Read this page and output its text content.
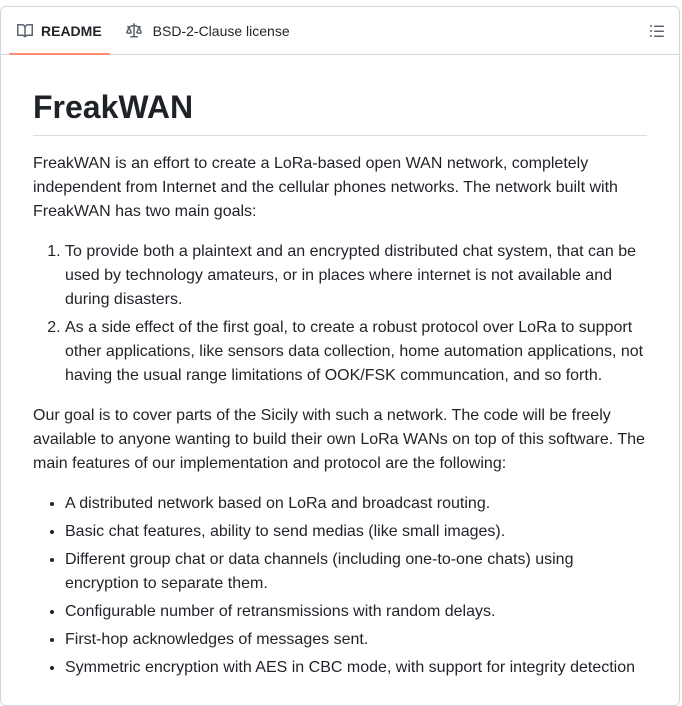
README	BSD-2-Clause license
FreakWAN

FreakWAN is an effort to create a LoRa-based open WAN network, completely independent from Internet and the cellular phones networks. The network built with FreakWAN has two main goals:

1. To provide both a plaintext and an encrypted distributed chat system, that can be used by technology amateurs, or in places where internet is not available and during disasters.
2. As a side effect of the first goal, to create a robust protocol over LoRa to support other applications, like sensors data collection, home automation applications, not having the usual range limitations of OOK/FSK communcation, and so forth.

Our goal is to cover parts of the Sicily with such a network. The code will be freely available to anyone wanting to build their own LoRa WANs on top of this software. The main features of our implementation and protocol are the following:

• A distributed network based on LoRa and broadcast routing.
• Basic chat features, ability to send medias (like small images).
• Different group chat or data channels (including one-to-one chats) using encryption to separate them.
• Configurable number of retransmissions with random delays.
• First-hop acknowledges of messages sent.
• Symmetric encryption with AES in CBC mode, with support for integrity detection
